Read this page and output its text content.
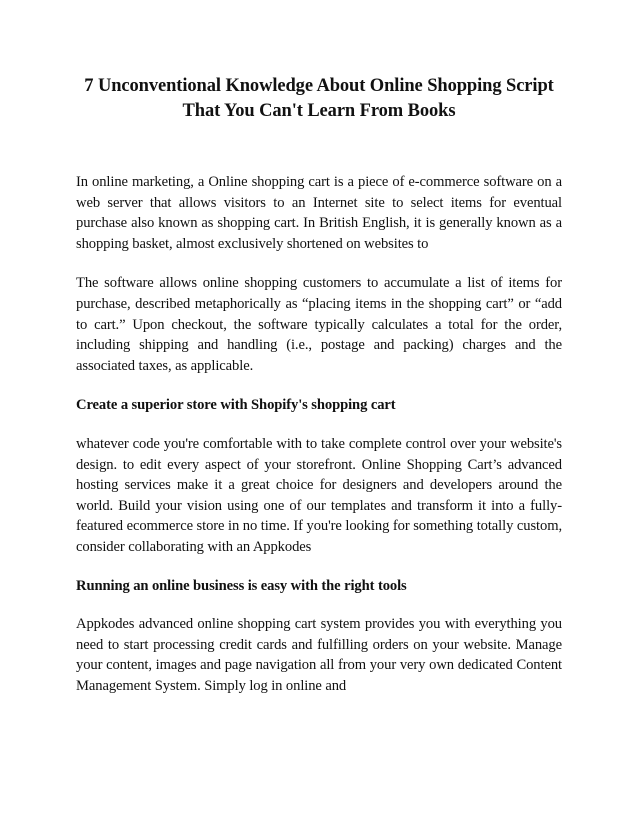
7 Unconventional Knowledge About Online Shopping Script That You Can't Learn From Books

In online marketing, a Online shopping cart is a piece of e-commerce software on a web server that allows visitors to an Internet site to select items for eventual purchase also known as shopping cart. In British English, it is generally known as a shopping basket, almost exclusively shortened on websites to

The software allows online shopping customers to accumulate a list of items for purchase, described metaphorically as “placing items in the shopping cart” or “add to cart.” Upon checkout, the software typically calculates a total for the order, including shipping and handling (i.e., postage and packing) charges and the associated taxes, as applicable.

Create a superior store with Shopify's shopping cart

whatever code you're comfortable with to take complete control over your website's design. to edit every aspect of your storefront. Online Shopping Cart’s advanced hosting services make it a great choice for designers and developers around the world. Build your vision using one of our templates and transform it into a fully-featured ecommerce store in no time. If you're looking for something totally custom, consider collaborating with an Appkodes

Running an online business is easy with the right tools

Appkodes advanced online shopping cart system provides you with everything you need to start processing credit cards and fulfilling orders on your website. Manage your content, images and page navigation all from your very own dedicated Content Management System. Simply log in online and
